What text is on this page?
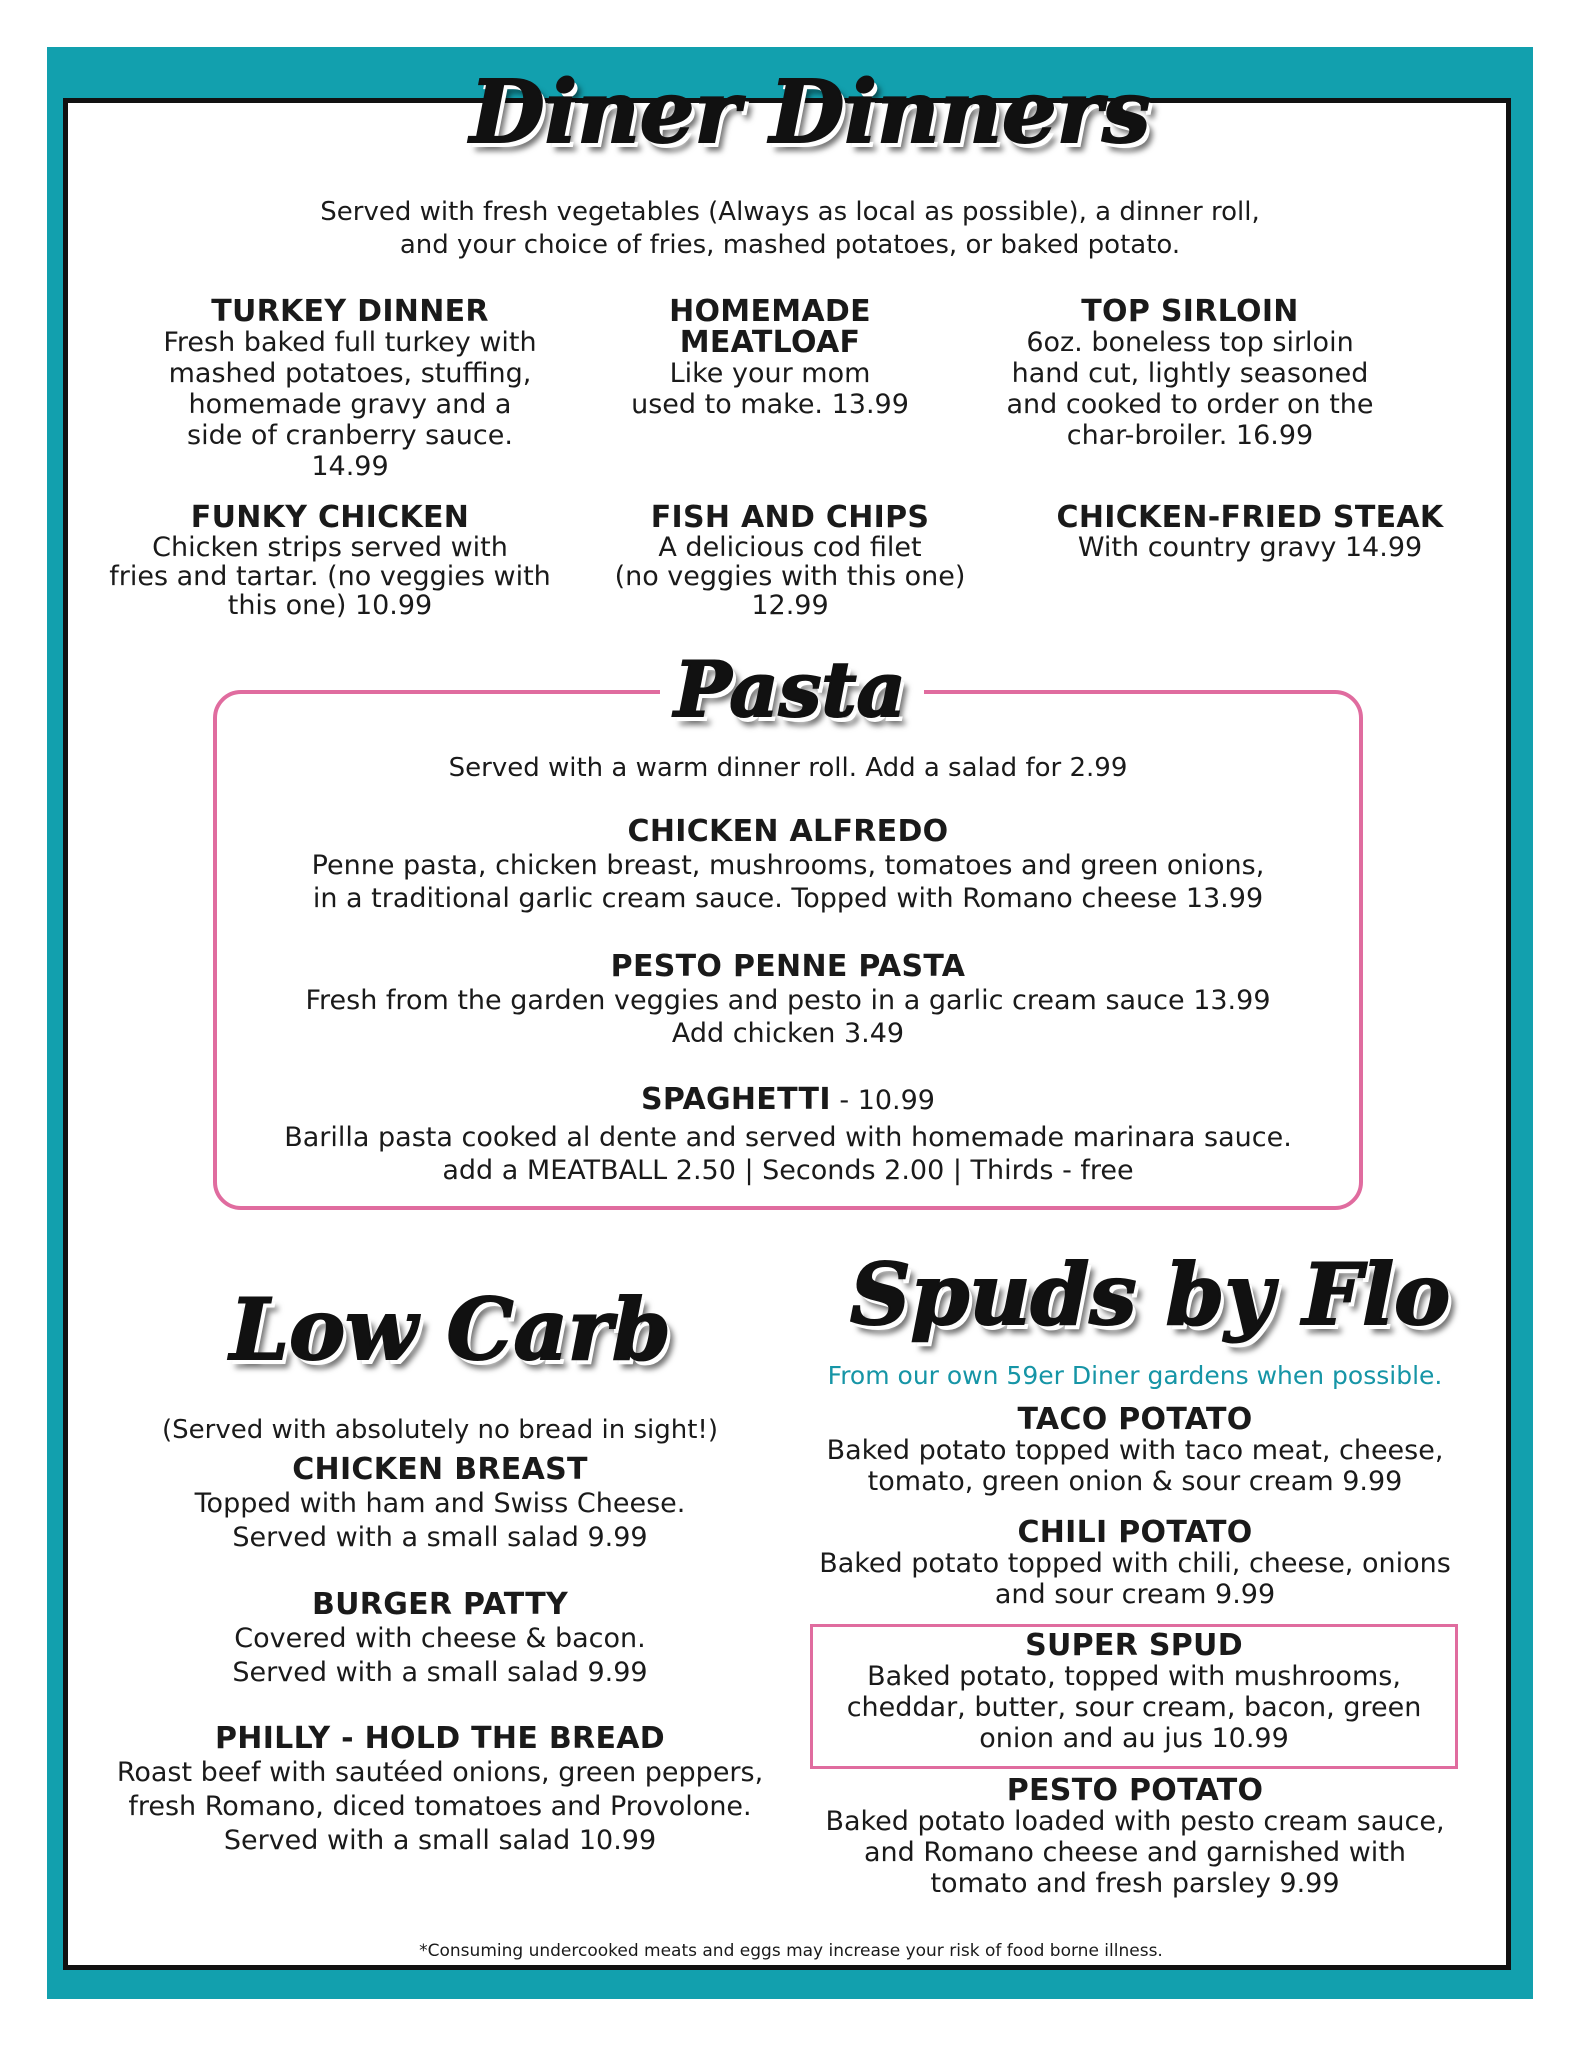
Diner Dinners
Served with fresh vegetables (Always as local as possible), a dinner roll,
and your choice of fries, mashed potatoes, or baked potato.
TURKEY DINNER
Fresh baked full turkey with
mashed potatoes, stuffing,
homemade gravy and a
side of cranberry sauce.
14.99
HOMEMADE
MEATLOAF
Like your mom
used to make. 13.99
TOP SIRLOIN
6oz. boneless top sirloin
hand cut, lightly seasoned
and cooked to order on the
char-broiler. 16.99
FUNKY CHICKEN
Chicken strips served with
fries and tartar. (no veggies with
this one) 10.99
FISH AND CHIPS
A delicious cod filet
(no veggies with this one)
12.99
CHICKEN-FRIED STEAK
With country gravy 14.99
Pasta
Served with a warm dinner roll. Add a salad for 2.99
CHICKEN ALFREDO
Penne pasta, chicken breast, mushrooms, tomatoes and green onions,
in a traditional garlic cream sauce. Topped with Romano cheese 13.99
PESTO PENNE PASTA
Fresh from the garden veggies and pesto in a garlic cream sauce 13.99
Add chicken 3.49
SPAGHETTI - 10.99
Barilla pasta cooked al dente and served with homemade marinara sauce.
add a MEATBALL 2.50 | Seconds 2.00 | Thirds - free
Low Carb
(Served with absolutely no bread in sight!)
CHICKEN BREAST
Topped with ham and Swiss Cheese.
Served with a small salad 9.99
BURGER PATTY
Covered with cheese & bacon.
Served with a small salad 9.99
PHILLY - HOLD THE BREAD
Roast beef with sautéed onions, green peppers,
fresh Romano, diced tomatoes and Provolone.
Served with a small salad 10.99
Spuds by Flo
From our own 59er Diner gardens when possible.
TACO POTATO
Baked potato topped with taco meat, cheese,
tomato, green onion & sour cream 9.99
CHILI POTATO
Baked potato topped with chili, cheese, onions
and sour cream 9.99
SUPER SPUD
Baked potato, topped with mushrooms,
cheddar, butter, sour cream, bacon, green
onion and au jus 10.99
PESTO POTATO
Baked potato loaded with pesto cream sauce,
and Romano cheese and garnished with
tomato and fresh parsley 9.99
*Consuming undercooked meats and eggs may increase your risk of food borne illness.
